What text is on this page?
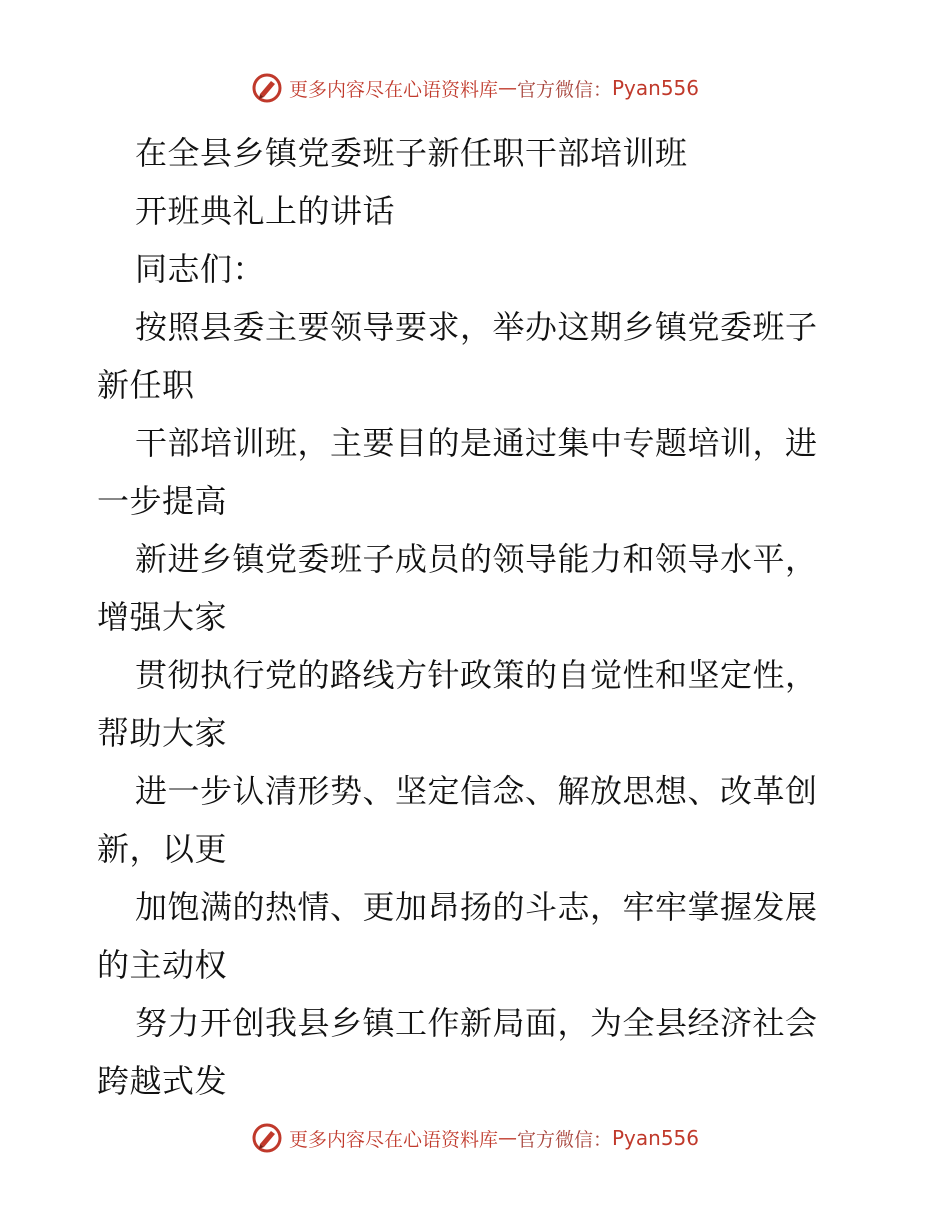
更多内容尽在心语资料库 — 官方微信： Pyan556
在全县乡镇党委班子新任职干部培训班
开班典礼上的讲话
同志们：
按照县委主要领导要求，举办这期乡镇党委班子
新任职
干部培训班，主要目的是通过集中专题培训，进
一步提高
新进乡镇党委班子成员的领导能力和领导水平，
增强大家
贯彻执行党的路线方针政策的自觉性和坚定性，
帮助大家
进一步认清形势、坚定信念、解放思想、改革创
新，以更
加饱满的热情、更加昂扬的斗志，牢牢掌握发展
的主动权
努力开创我县乡镇工作新局面，为全县经济社会
跨越式发
更多内容尽在心语资料库 — 官方微信： Pyan556
